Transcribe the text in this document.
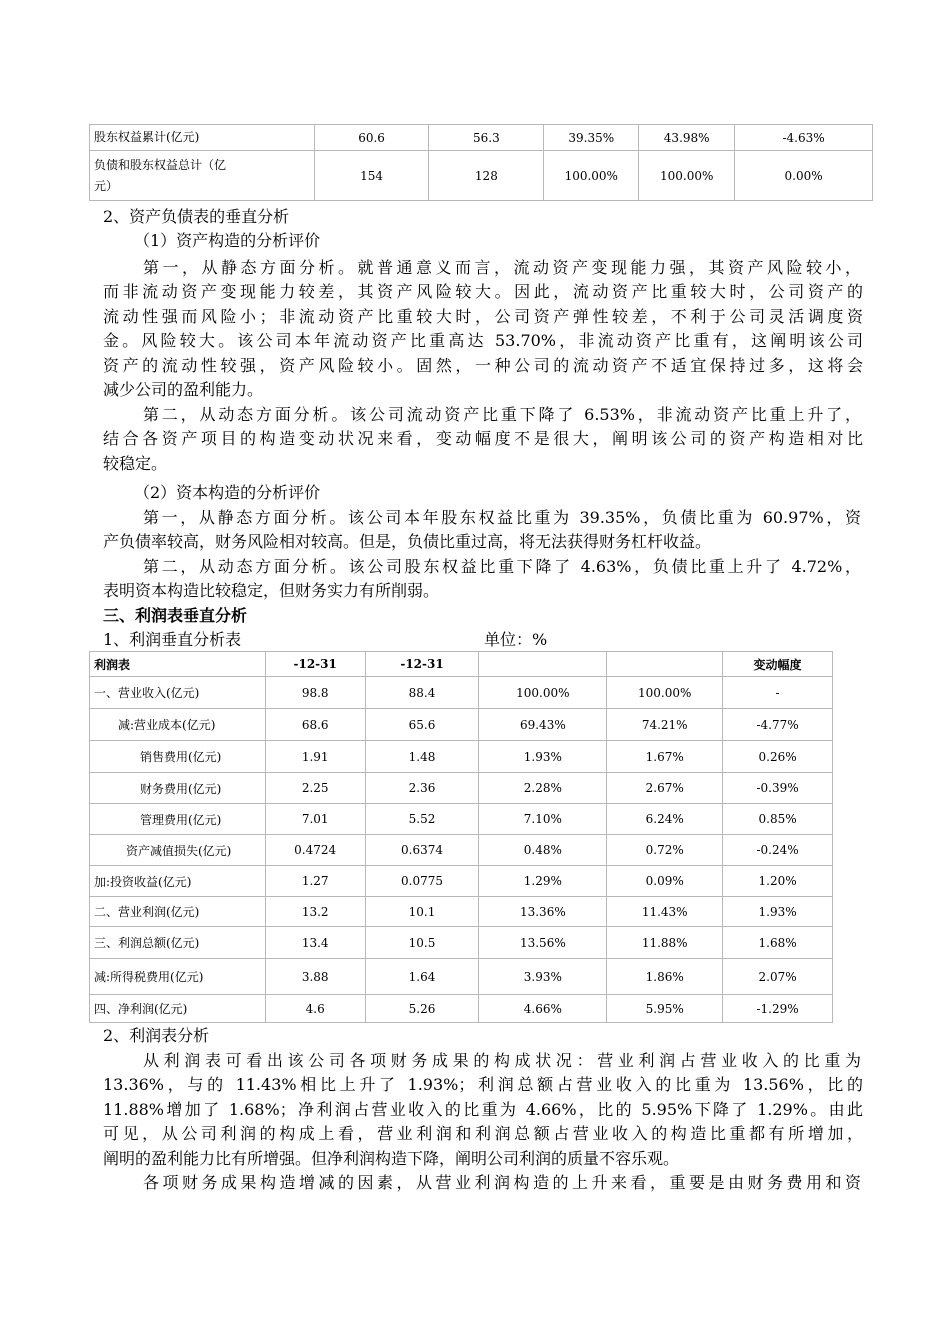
股东权益累计(亿元)	60.6	56.3	39.35%	43.98%	-4.63%

负债和股东权益总计（亿
元）	154	128	100.00%	100.00%	0.00%
2、资产负债表的垂直分析
（1）资产构造的分析评价
第一，从静态方面分析。就普通意义而言，流动资产变现能力强，其资产风险较小，
而非流动资产变现能力较差，其资产风险较大。因此，流动资产比重较大时，公司资产的
流动性强而风险小；非流动资产比重较大时，公司资产弹性较差，不利于公司灵活调度资
金。风险较大。该公司本年流动资产比重高达 53.70%，非流动资产比重有，这阐明该公司
资产的流动性较强，资产风险较小。固然，一种公司的流动资产不适宜保持过多，这将会
减少公司的盈利能力。
第二，从动态方面分析。该公司流动资产比重下降了 6.53%，非流动资产比重上升了，
结合各资产项目的构造变动状况来看，变动幅度不是很大，阐明该公司的资产构造相对比
较稳定。
（2）资本构造的分析评价
第一，从静态方面分析。该公司本年股东权益比重为 39.35%，负债比重为 60.97%，资
产负债率较高，财务风险相对较高。但是，负债比重过高，将无法获得财务杠杆收益。
第二，从动态方面分析。该公司股东权益比重下降了 4.63%，负债比重上升了 4.72%，
表明资本构造比较稳定，但财务实力有所削弱。
三、利润表垂直分析
1、利润垂直分析表	单位：%
利润表	-12-31	-12-31			变动幅度
一、营业收入(亿元)	98.8	88.4	100.00%	100.00%	-
减:营业成本(亿元)	68.6	65.6	69.43%	74.21%	-4.77%
销售费用(亿元)	1.91	1.48	1.93%	1.67%	0.26%
财务费用(亿元)	2.25	2.36	2.28%	2.67%	-0.39%
管理费用(亿元)	7.01	5.52	7.10%	6.24%	0.85%
资产减值损失(亿元)	0.4724	0.6374	0.48%	0.72%	-0.24%
加:投资收益(亿元)	1.27	0.0775	1.29%	0.09%	1.20%
二、营业利润(亿元)	13.2	10.1	13.36%	11.43%	1.93%
三、利润总额(亿元)	13.4	10.5	13.56%	11.88%	1.68%
减:所得税费用(亿元)	3.88	1.64	3.93%	1.86%	2.07%
四、净利润(亿元)	4.6	5.26	4.66%	5.95%	-1.29%
2、利润表分析
从利润表可看出该公司各项财务成果的构成状况：营业利润占营业收入的比重为
13.36%，与的 11.43%相比上升了 1.93%；利润总额占营业收入的比重为 13.56%，比的
11.88%增加了 1.68%；净利润占营业收入的比重为 4.66%，比的 5.95%下降了 1.29%。由此
可见，从公司利润的构成上看，营业利润和利润总额占营业收入的构造比重都有所增加，
阐明的盈利能力比有所增强。但净利润构造下降，阐明公司利润的质量不容乐观。
各项财务成果构造增减的因素，从营业利润构造的上升来看，重要是由财务费用和资
